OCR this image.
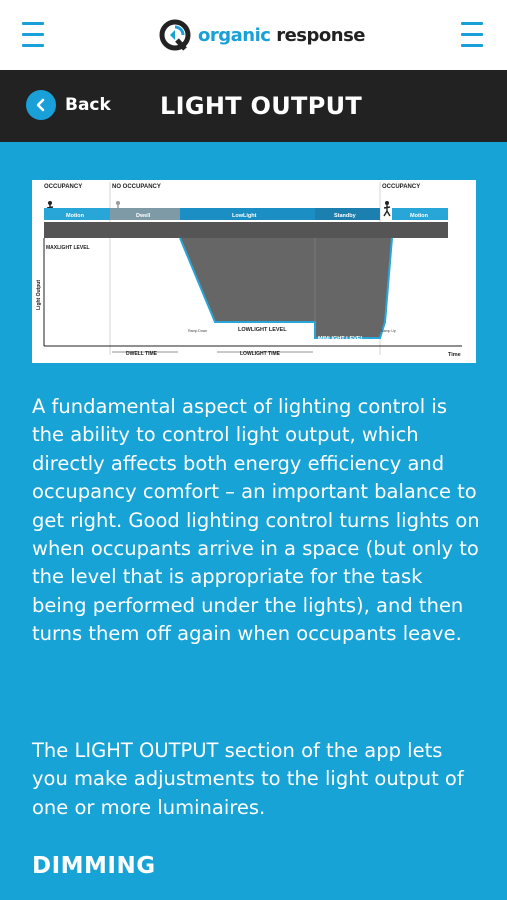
organic response
Back LIGHT OUTPUT
OCCUPANCY	NO OCCUPANCY	OCCUPANCY
Motion	Dwell	LowLight	Standby	Motion
MAXLIGHT LEVEL
Light Output
LOWLIGHT LEVEL
MINLIGHT LEVEL
Ramp Down	Ramp Up
Time
DWELL TIME	LOWLIGHT TIME
A fundamental aspect of lighting control is the ability to control light output, which directly affects both energy efficiency and occupancy comfort – an important balance to get right. Good lighting control turns lights on when occupants arrive in a space (but only to the level that is appropriate for the task being performed under the lights), and then turns them off again when occupants leave.
The LIGHT OUTPUT section of the app lets you make adjustments to the light output of one or more luminaires.
DIMMING
